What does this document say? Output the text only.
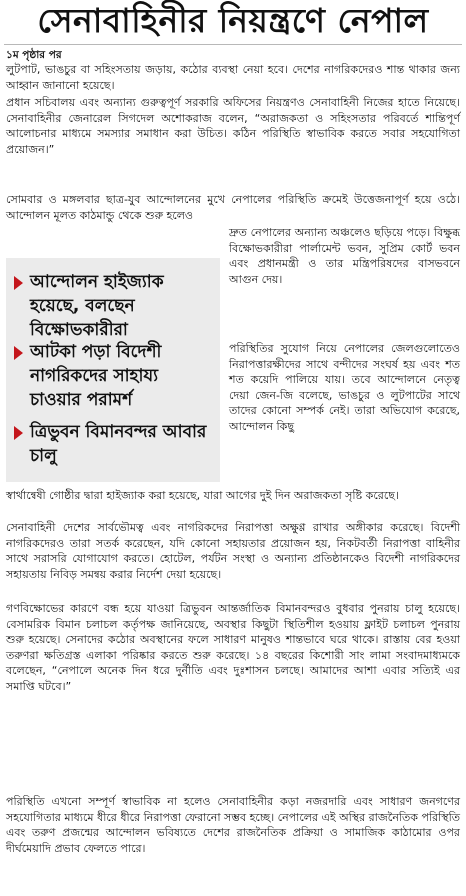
সেনাবাহিনীর নিয়ন্ত্রণে নেপাল
১ম পৃষ্ঠার পর
লুটপাট, ভাঙচুর বা সহিংসতায় জড়ায়, কঠোর ব্যবস্থা নেয়া হবে। দেশের নাগরিকদেরও শান্ত থাকার জন্য আহ্বান জানানো হয়েছে।
প্রধান সচিবালয় এবং অন্যান্য গুরুত্বপূর্ণ সরকারি অফিসের নিয়ন্ত্রণও সেনাবাহিনী নিজের হাতে নিয়েছে। সেনাবাহিনীর জেনারেল সিগদেল অশোকরাজ বলেন, “অরাজকতা ও সহিংসতার পরিবর্তে শান্তিপূর্ণ আলোচনার মাধ্যমে সমস্যার সমাধান করা উচিত। কঠিন পরিস্থিতি স্বাভাবিক করতে সবার সহযোগিতা প্রয়োজন।”
সোমবার ও মঙ্গলবার ছাত্র-যুব আন্দোলনের মুখে নেপালের পরিস্থিতি ক্রমেই উত্তেজনাপূর্ণ হয়ে ওঠে। আন্দোলন মূলত কাঠমান্ডু থেকে শুরু হলেও
দ্রুত নেপালের অন্যান্য অঞ্চলেও ছড়িয়ে পড়ে। বিক্ষুব্ধ বিক্ষোভকারীরা পার্লামেন্ট ভবন, সুপ্রিম কোর্ট ভবন এবং প্রধানমন্ত্রী ও তার মন্ত্রিপরিষদের বাসভবনে আগুন দেয়।
পরিস্থিতির সুযোগ নিয়ে নেপালের জেলগুলোতেও নিরাপত্তারক্ষীদের সাথে বন্দীদের সংঘর্ষ হয় এবং শত শত কয়েদি পালিয়ে যায়। তবে আন্দোলনে নেতৃত্ব দেয়া জেন-জি বলেছে, ভাঙচুর ও লুটপাটের সাথে তাদের কোনো সম্পর্ক নেই। তারা অভিযোগ করেছে, আন্দোলন কিছু
স্বার্থান্বেষী গোষ্ঠীর দ্বারা হাইজ্যাক করা হয়েছে, যারা আগের দুই দিন অরাজকতা সৃষ্টি করেছে।
সেনাবাহিনী দেশের সার্বভৌমত্ব এবং নাগরিকদের নিরাপত্তা অক্ষুণ্ণ রাখার অঙ্গীকার করেছে। বিদেশী নাগরিকদেরও তারা সতর্ক করেছেন, যদি কোনো সহায়তার প্রয়োজন হয়, নিকটবর্তী নিরাপত্তা বাহিনীর সাথে সরাসরি যোগাযোগ করতে। হোটেল, পর্যটন সংস্থা ও অন্যান্য প্রতিষ্ঠানকেও বিদেশী নাগরিকদের সহায়তায় নিবিড় সমন্বয় করার নির্দেশ দেয়া হয়েছে।
গণবিক্ষোভের কারণে বন্ধ হয়ে যাওয়া ত্রিভুবন আন্তর্জাতিক বিমানবন্দরও বুধবার পুনরায় চালু হয়েছে। বেসামরিক বিমান চলাচল কর্তৃপক্ষ জানিয়েছে, অবস্থার কিছুটা স্থিতিশীল হওয়ায় ফ্লাইট চলাচল পুনরায় শুরু হয়েছে। সেনাদের কঠোর অবস্থানের ফলে সাধারণ মানুষও শান্তভাবে ঘরে থাকে। রাস্তায় বের হওয়া তরুণরা ক্ষতিগ্রস্ত এলাকা পরিষ্কার করতে শুরু করেছে। ১৪ বছরের কিশোরী সাং লামা সংবাদমাধ্যমকে বলেছেন, “নেপালে অনেক দিন ধরে দুর্নীতি এবং দুঃশাসন চলছে। আমাদের আশা এবার সত্যিই এর সমাপ্তি ঘটবে।”
পরিস্থিতি এখনো সম্পূর্ণ স্বাভাবিক না হলেও সেনাবাহিনীর কড়া নজরদারি এবং সাধারণ জনগণের সহযোগিতার মাধ্যমে ধীরে ধীরে নিরাপত্তা ফেরানো সম্ভব হচ্ছে। নেপালের এই অস্থির রাজনৈতিক পরিস্থিতি এবং তরুণ প্রজন্মের আন্দোলন ভবিষ্যতে দেশের রাজনৈতিক প্রক্রিয়া ও সামাজিক কাঠামোর ওপর দীর্ঘমেয়াদি প্রভাব ফেলতে পারে।
আন্দোলন হাইজ্যাক হয়েছে, বলছেন বিক্ষোভকারীরা
আটকা পড়া বিদেশী নাগরিকদের সাহায্য চাওয়ার পরামর্শ
ত্রিভুবন বিমানবন্দর আবার চালু
